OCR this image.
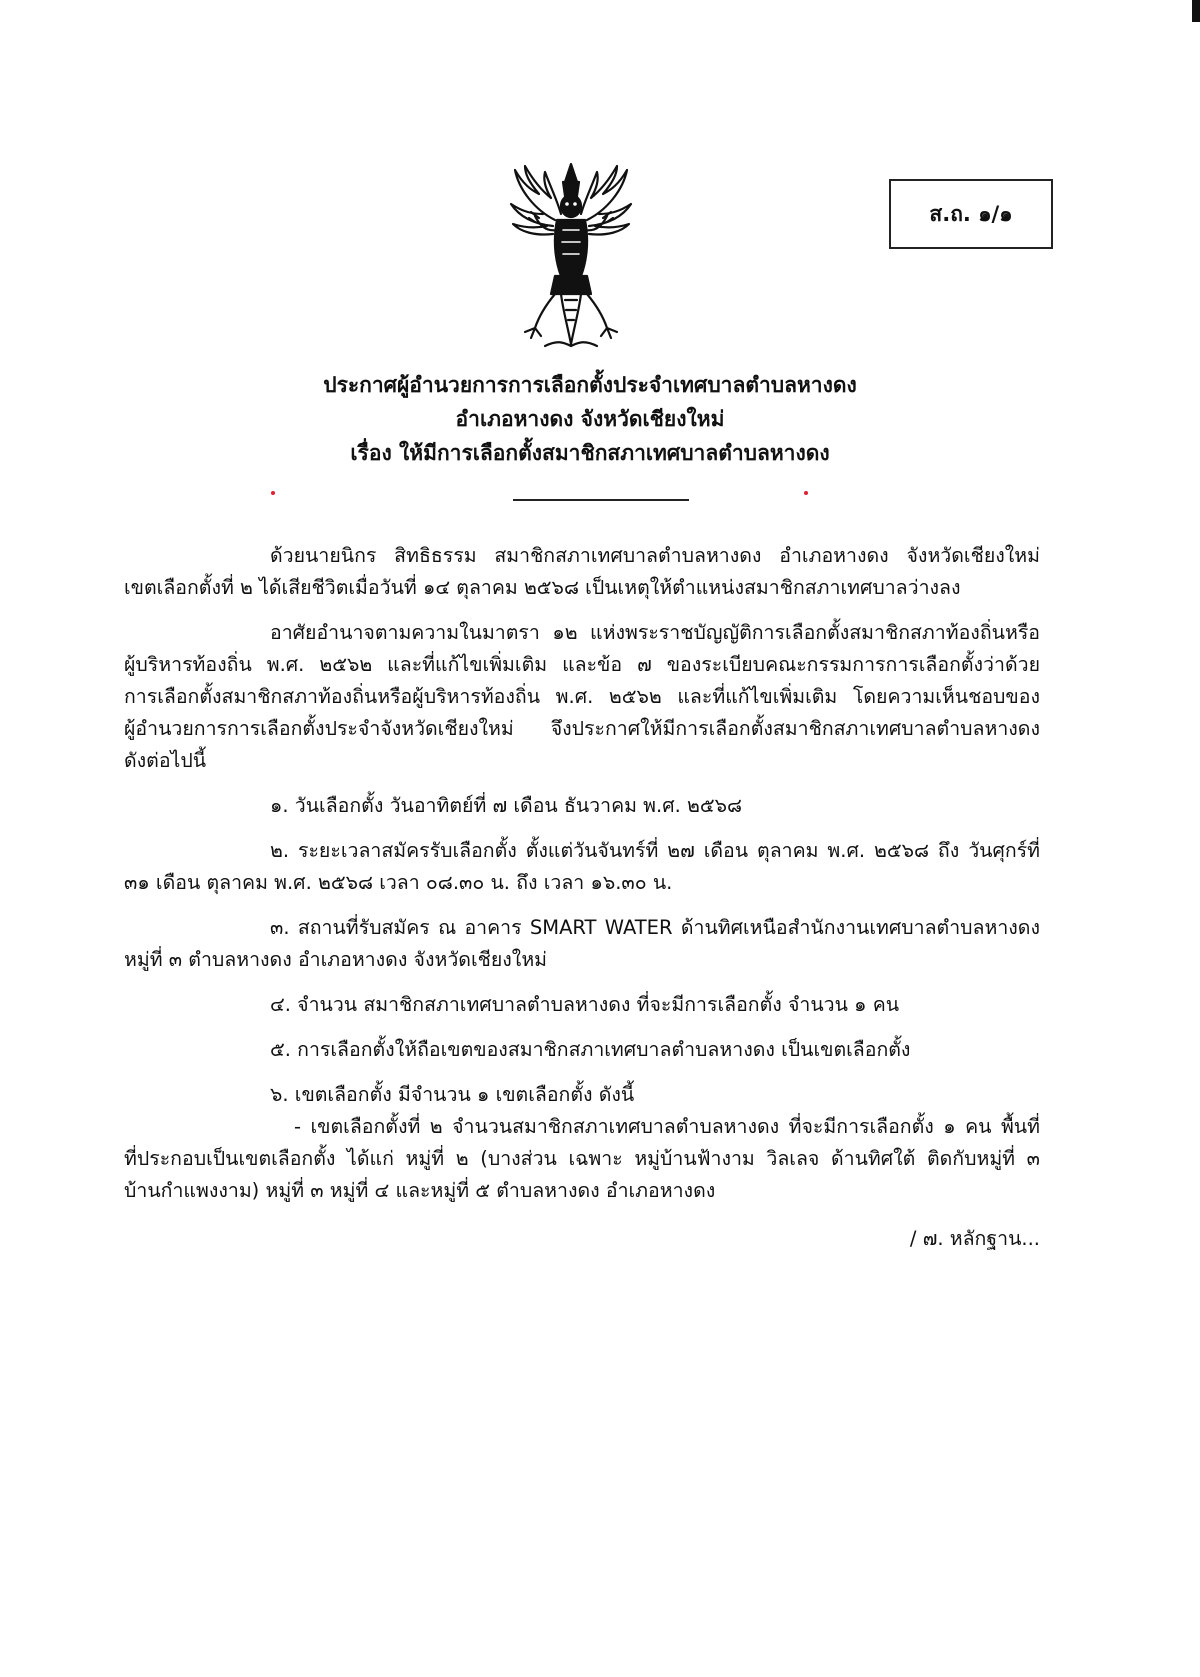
ส.ถ. ๑/๑
ประกาศผู้อำนวยการการเลือกตั้งประจำเทศบาลตำบลหางดง
อำเภอหางดง จังหวัดเชียงใหม่
เรื่อง ให้มีการเลือกตั้งสมาชิกสภาเทศบาลตำบลหางดง
ด้วยนายนิกร สิทธิธรรม สมาชิกสภาเทศบาลตำบลหางดง อำเภอหางดง จังหวัดเชียงใหม่
เขตเลือกตั้งที่ ๒ ได้เสียชีวิตเมื่อวันที่ ๑๔ ตุลาคม ๒๕๖๘ เป็นเหตุให้ตำแหน่งสมาชิกสภาเทศบาลว่างลง
อาศัยอำนาจตามความในมาตรา ๑๒ แห่งพระราชบัญญัติการเลือกตั้งสมาชิกสภาท้องถิ่นหรือ
ผู้บริหารท้องถิ่น พ.ศ. ๒๕๖๒ และที่แก้ไขเพิ่มเติม และข้อ ๗ ของระเบียบคณะกรรมการการเลือกตั้งว่าด้วย
การเลือกตั้งสมาชิกสภาท้องถิ่นหรือผู้บริหารท้องถิ่น พ.ศ. ๒๕๖๒ และที่แก้ไขเพิ่มเติม โดยความเห็นชอบของ
ผู้อำนวยการการเลือกตั้งประจำจังหวัดเชียงใหม่ จึงประกาศให้มีการเลือกตั้งสมาชิกสภาเทศบาลตำบลหางดง
ดังต่อไปนี้
๑. วันเลือกตั้ง วันอาทิตย์ที่ ๗ เดือน ธันวาคม พ.ศ. ๒๕๖๘
๒. ระยะเวลาสมัครรับเลือกตั้ง ตั้งแต่วันจันทร์ที่ ๒๗ เดือน ตุลาคม พ.ศ. ๒๕๖๘ ถึง วันศุกร์ที่
๓๑ เดือน ตุลาคม พ.ศ. ๒๕๖๘ เวลา ๐๘.๓๐ น. ถึง เวลา ๑๖.๓๐ น.
๓. สถานที่รับสมัคร ณ อาคาร SMART WATER ด้านทิศเหนือสำนักงานเทศบาลตำบลหางดง
หมู่ที่ ๓ ตำบลหางดง อำเภอหางดง จังหวัดเชียงใหม่
๔. จำนวน สมาชิกสภาเทศบาลตำบลหางดง ที่จะมีการเลือกตั้ง จำนวน ๑ คน
๕. การเลือกตั้งให้ถือเขตของสมาชิกสภาเทศบาลตำบลหางดง เป็นเขตเลือกตั้ง
๖. เขตเลือกตั้ง มีจำนวน ๑ เขตเลือกตั้ง ดังนี้
- เขตเลือกตั้งที่ ๒ จำนวนสมาชิกสภาเทศบาลตำบลหางดง ที่จะมีการเลือกตั้ง ๑ คน พื้นที่
ที่ประกอบเป็นเขตเลือกตั้ง ได้แก่ หมู่ที่ ๒ (บางส่วน เฉพาะ หมู่บ้านฟ้างาม วิลเลจ ด้านทิศใต้ ติดกับหมู่ที่ ๓
บ้านกำแพงงาม) หมู่ที่ ๓ หมู่ที่ ๔ และหมู่ที่ ๕ ตำบลหางดง อำเภอหางดง
/ ๗. หลักฐาน...
